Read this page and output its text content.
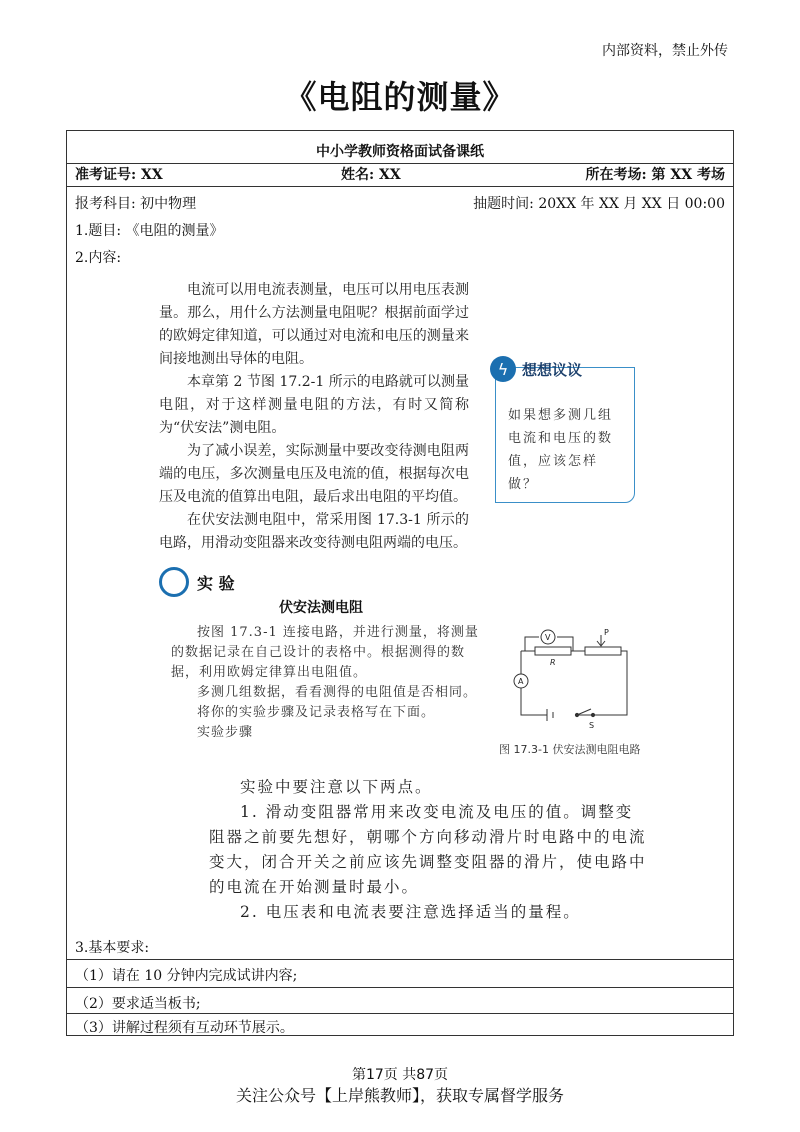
内部资料，禁止外传
《电阻的测量》
中小学教师资格面试备课纸
准考证号: XX	姓名: XX	所在考场: 第 XX 考场
报考科目: 初中物理	抽题时间: 20XX 年 XX 月 XX 日 00:00
1.题目: 《电阻的测量》
2.内容:

电流可以用电流表测量，电压可以用电压表测量。那么，用什么方法测量电阻呢？根据前面学过的欧姆定律知道，可以通过对电流和电压的测量来间接地测出导体的电阻。

本章第 2 节图 17.2-1 所示的电路就可以测量电阻，对于这样测量电阻的方法，有时又简称为“伏安法”测电阻。

为了减小误差，实际测量中要改变待测电阻两端的电压，多次测量电压及电流的值，根据每次电压及电流的值算出电阻，最后求出电阻的平均值。

在伏安法测电阻中，常采用图 17.3-1 所示的电路，用滑动变阻器来改变待测电阻两端的电压。

ϟ 想想议议
如果想多测几组电流和电压的数值，应该怎样做？
实 验
伏安法测电阻

按图 17.3-1 连接电路，并进行测量，将测量的数据记录在自己设计的表格中。根据测得的数据，利用欧姆定律算出电阻值。

多测几组数据，看看测得的电阻值是否相同。

将你的实验步骤及记录表格写在下面。

实验步骤

V
A
R
P
S
图 17.3-1 伏安法测电阻电路

实验中要注意以下两点。

1. 滑动变阻器常用来改变电流及电压的值。调整变阻器之前要先想好，朝哪个方向移动滑片时电路中的电流变大，闭合开关之前应该先调整变阻器的滑片，使电路中的电流在开始测量时最小。

2. 电压表和电流表要注意选择适当的量程。

3.基本要求:
（1）请在 10 分钟内完成试讲内容;
（2）要求适当板书;
（3）讲解过程须有互动环节展示。
第17页 共87页
关注公众号【上岸熊教师】，获取专属督学服务
